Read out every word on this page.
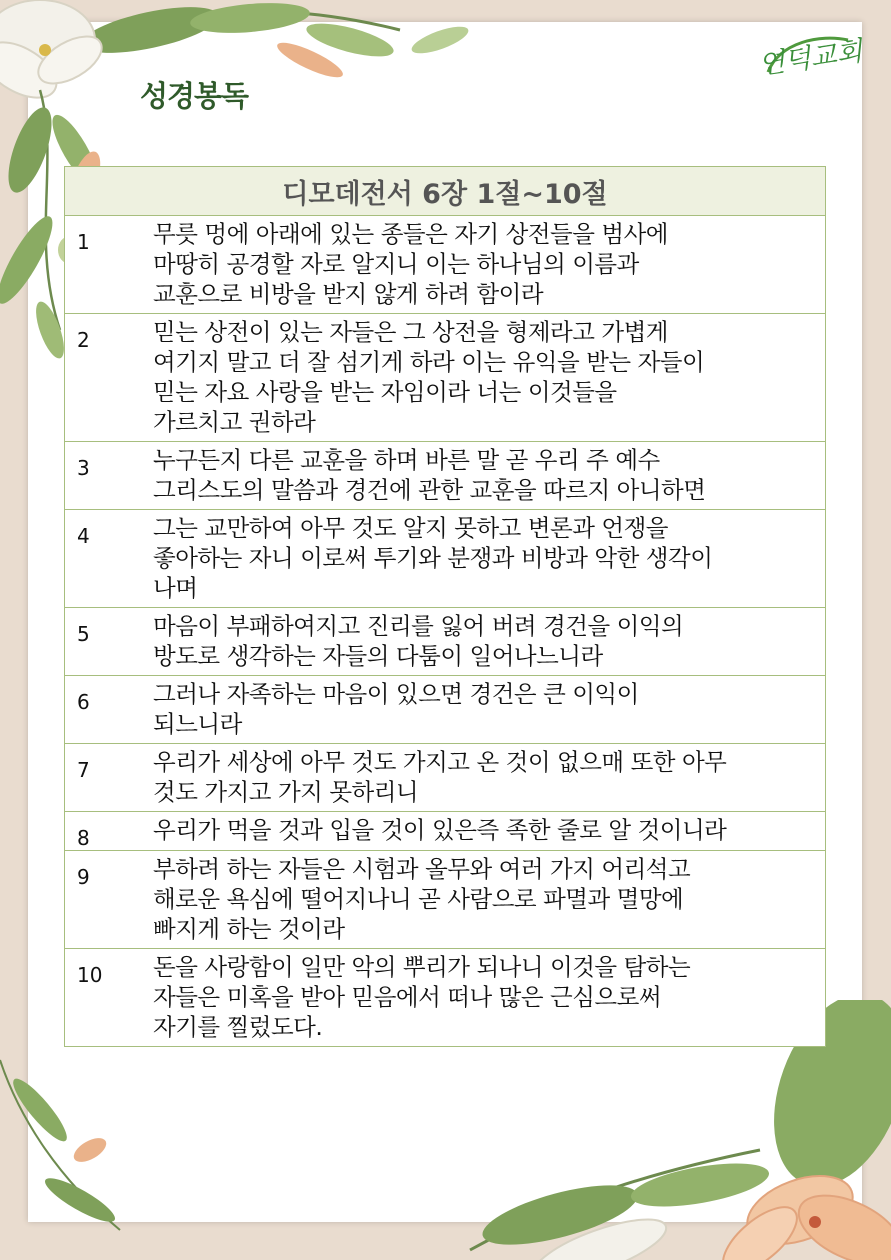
성경봉독
연덕교회
디모데전서 6장 1절~10절	
1	무릇 멍에 아래에 있는 종들은 자기 상전들을 범사에
마땅히 공경할 자로 알지니 이는 하나님의 이름과
교훈으로 비방을 받지 않게 하려 함이라

2	믿는 상전이 있는 자들은 그 상전을 형제라고 가볍게
여기지 말고 더 잘 섬기게 하라 이는 유익을 받는 자들이
믿는 자요 사랑을 받는 자임이라 너는 이것들을
가르치고 권하라

3	누구든지 다른 교훈을 하며 바른 말 곧 우리 주 예수
그리스도의 말씀과 경건에 관한 교훈을 따르지 아니하면

4	그는 교만하여 아무 것도 알지 못하고 변론과 언쟁을
좋아하는 자니 이로써 투기와 분쟁과 비방과 악한 생각이
나며

5	마음이 부패하여지고 진리를 잃어 버려 경건을 이익의
방도로 생각하는 자들의 다툼이 일어나느니라

6	그러나 자족하는 마음이 있으면 경건은 큰 이익이
되느니라

7	우리가 세상에 아무 것도 가지고 온 것이 없으매 또한 아무
것도 가지고 가지 못하리니

8	우리가 먹을 것과 입을 것이 있은즉 족한 줄로 알 것이니라

9	부하려 하는 자들은 시험과 올무와 여러 가지 어리석고
해로운 욕심에 떨어지나니 곧 사람으로 파멸과 멸망에
빠지게 하는 것이라

10	돈을 사랑함이 일만 악의 뿌리가 되나니 이것을 탐하는
자들은 미혹을 받아 믿음에서 떠나 많은 근심으로써
자기를 찔렀도다.
